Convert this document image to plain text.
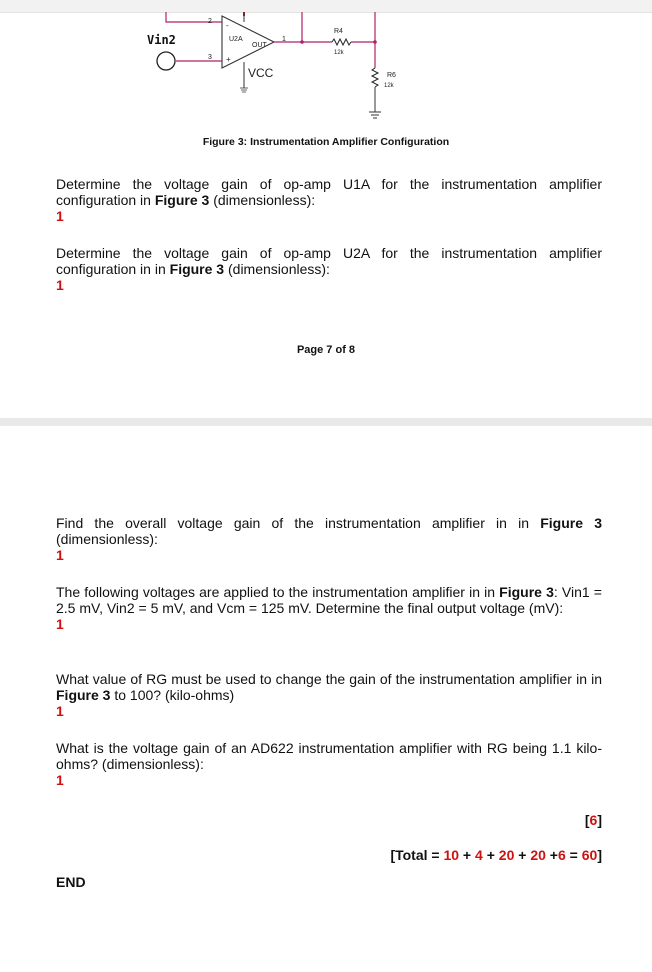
Vin2	U2A
OUT
2
3
-
+
1
VCC
R4
12k
R6
12k
Figure 3: Instrumentation Amplifier Configuration
Determine the voltage gain of op-amp U1A for the instrumentation amplifier configuration in Figure 3 (dimensionless):
1
Determine the voltage gain of op-amp U2A for the instrumentation amplifier configuration in in Figure 3 (dimensionless):
1
Page 7 of 8
Find the overall voltage gain of the instrumentation amplifier in in Figure 3 (dimensionless):
1
The following voltages are applied to the instrumentation amplifier in in Figure 3: Vin1 = 2.5 mV, Vin2 = 5 mV, and Vcm = 125 mV. Determine the final output voltage (mV):
1
What value of RG must be used to change the gain of the instrumentation amplifier in in Figure 3 to 100? (kilo-ohms)
1
What is the voltage gain of an AD622 instrumentation amplifier with RG being 1.1 kilo-ohms? (dimensionless):
1
[6]
[Total = 10 + 4 + 20 + 20 +6 = 60]
END
